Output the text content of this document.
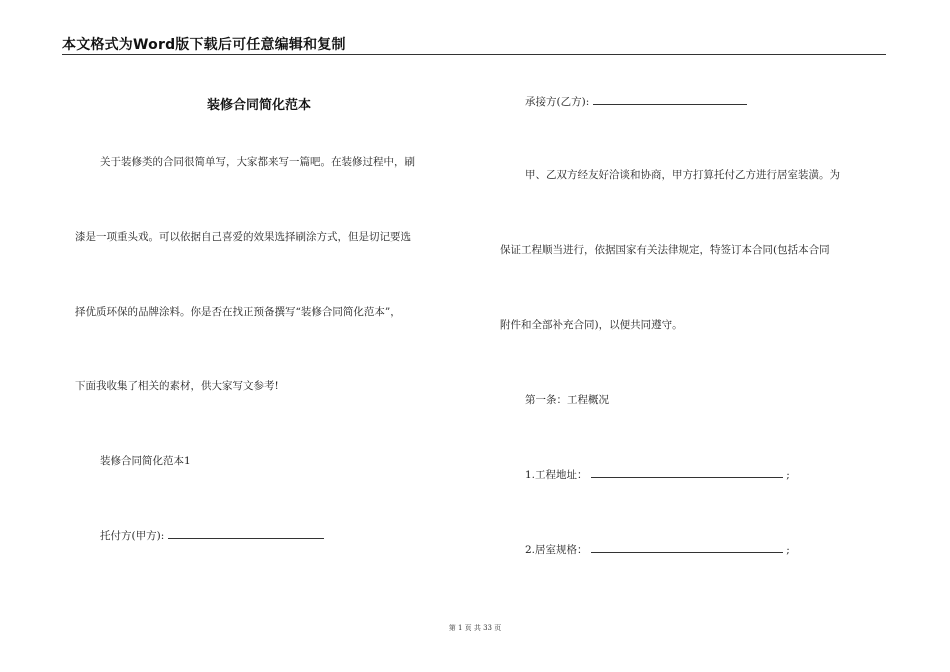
本文格式为Word版下载后可任意编辑和复制
装修合同简化范本
关于装修类的合同很简单写，大家都来写一篇吧。在装修过程中，刷
漆是一项重头戏。可以依据自己喜爱的效果选择刷涂方式，但是切记要选
择优质环保的品牌涂料。你是否在找正预备撰写“装修合同简化范本”，
下面我收集了相关的素材，供大家写文参考!
装修合同简化范本1
托付方(甲方):
承接方(乙方):
甲、乙双方经友好洽谈和协商，甲方打算托付乙方进行居室装潢。为
保证工程顺当进行，依据国家有关法律规定，特签订本合同(包括本合同
附件和全部补充合同)，以便共同遵守。
第一条：工程概况
1.工程地址：	;
2.居室规格：	;
第 1 页 共 33 页
